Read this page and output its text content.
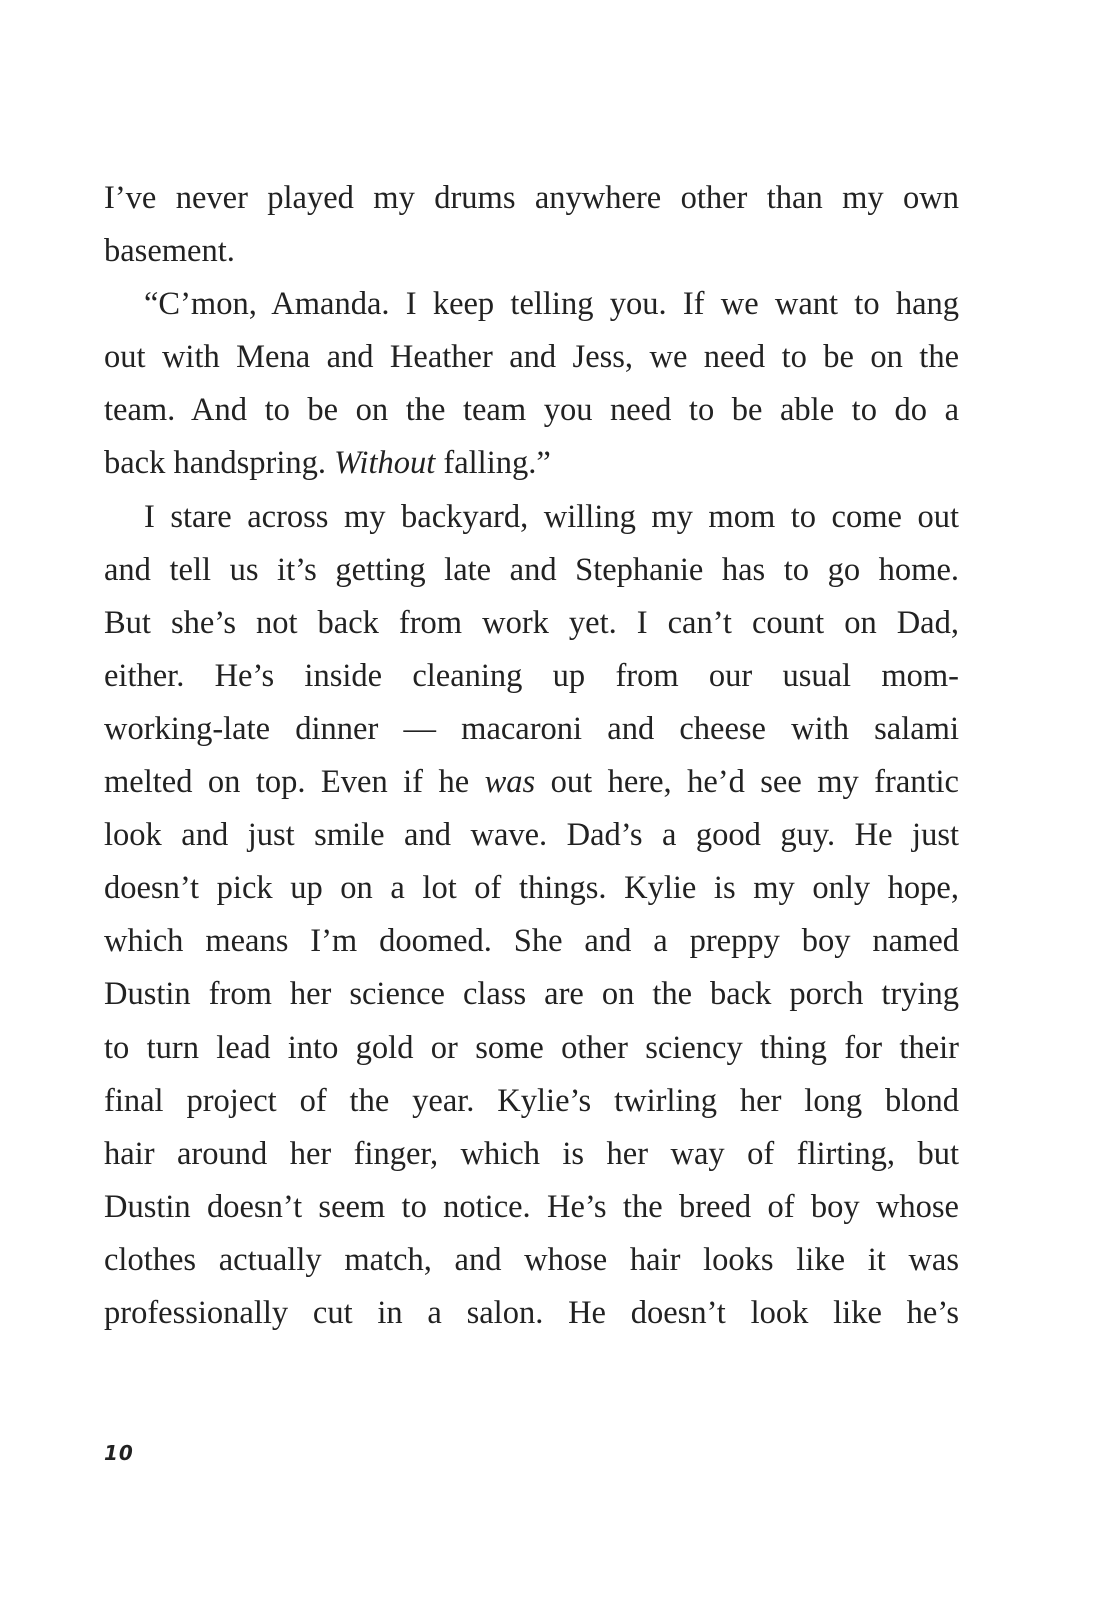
I’ve never played my drums anywhere other than my own
basement.
“C’mon, Amanda. I keep telling you. If we want to hang
out with Mena and Heather and Jess, we need to be on the
team. And to be on the team you need to be able to do a
back handspring. Without falling.”
I stare across my backyard, willing my mom to come out
and tell us it’s getting late and Stephanie has to go home.
But she’s not back from work yet. I can’t count on Dad,
either. He’s inside cleaning up from our usual mom-
working-late dinner — macaroni and cheese with salami
melted on top. Even if he was out here, he’d see my frantic
look and just smile and wave. Dad’s a good guy. He just
doesn’t pick up on a lot of things. Kylie is my only hope,
which means I’m doomed. She and a preppy boy named
Dustin from her science class are on the back porch trying
to turn lead into gold or some other sciency thing for their
final project of the year. Kylie’s twirling her long blond
hair around her finger, which is her way of flirting, but
Dustin doesn’t seem to notice. He’s the breed of boy whose
clothes actually match, and whose hair looks like it was
professionally cut in a salon. He doesn’t look like he’s
10
